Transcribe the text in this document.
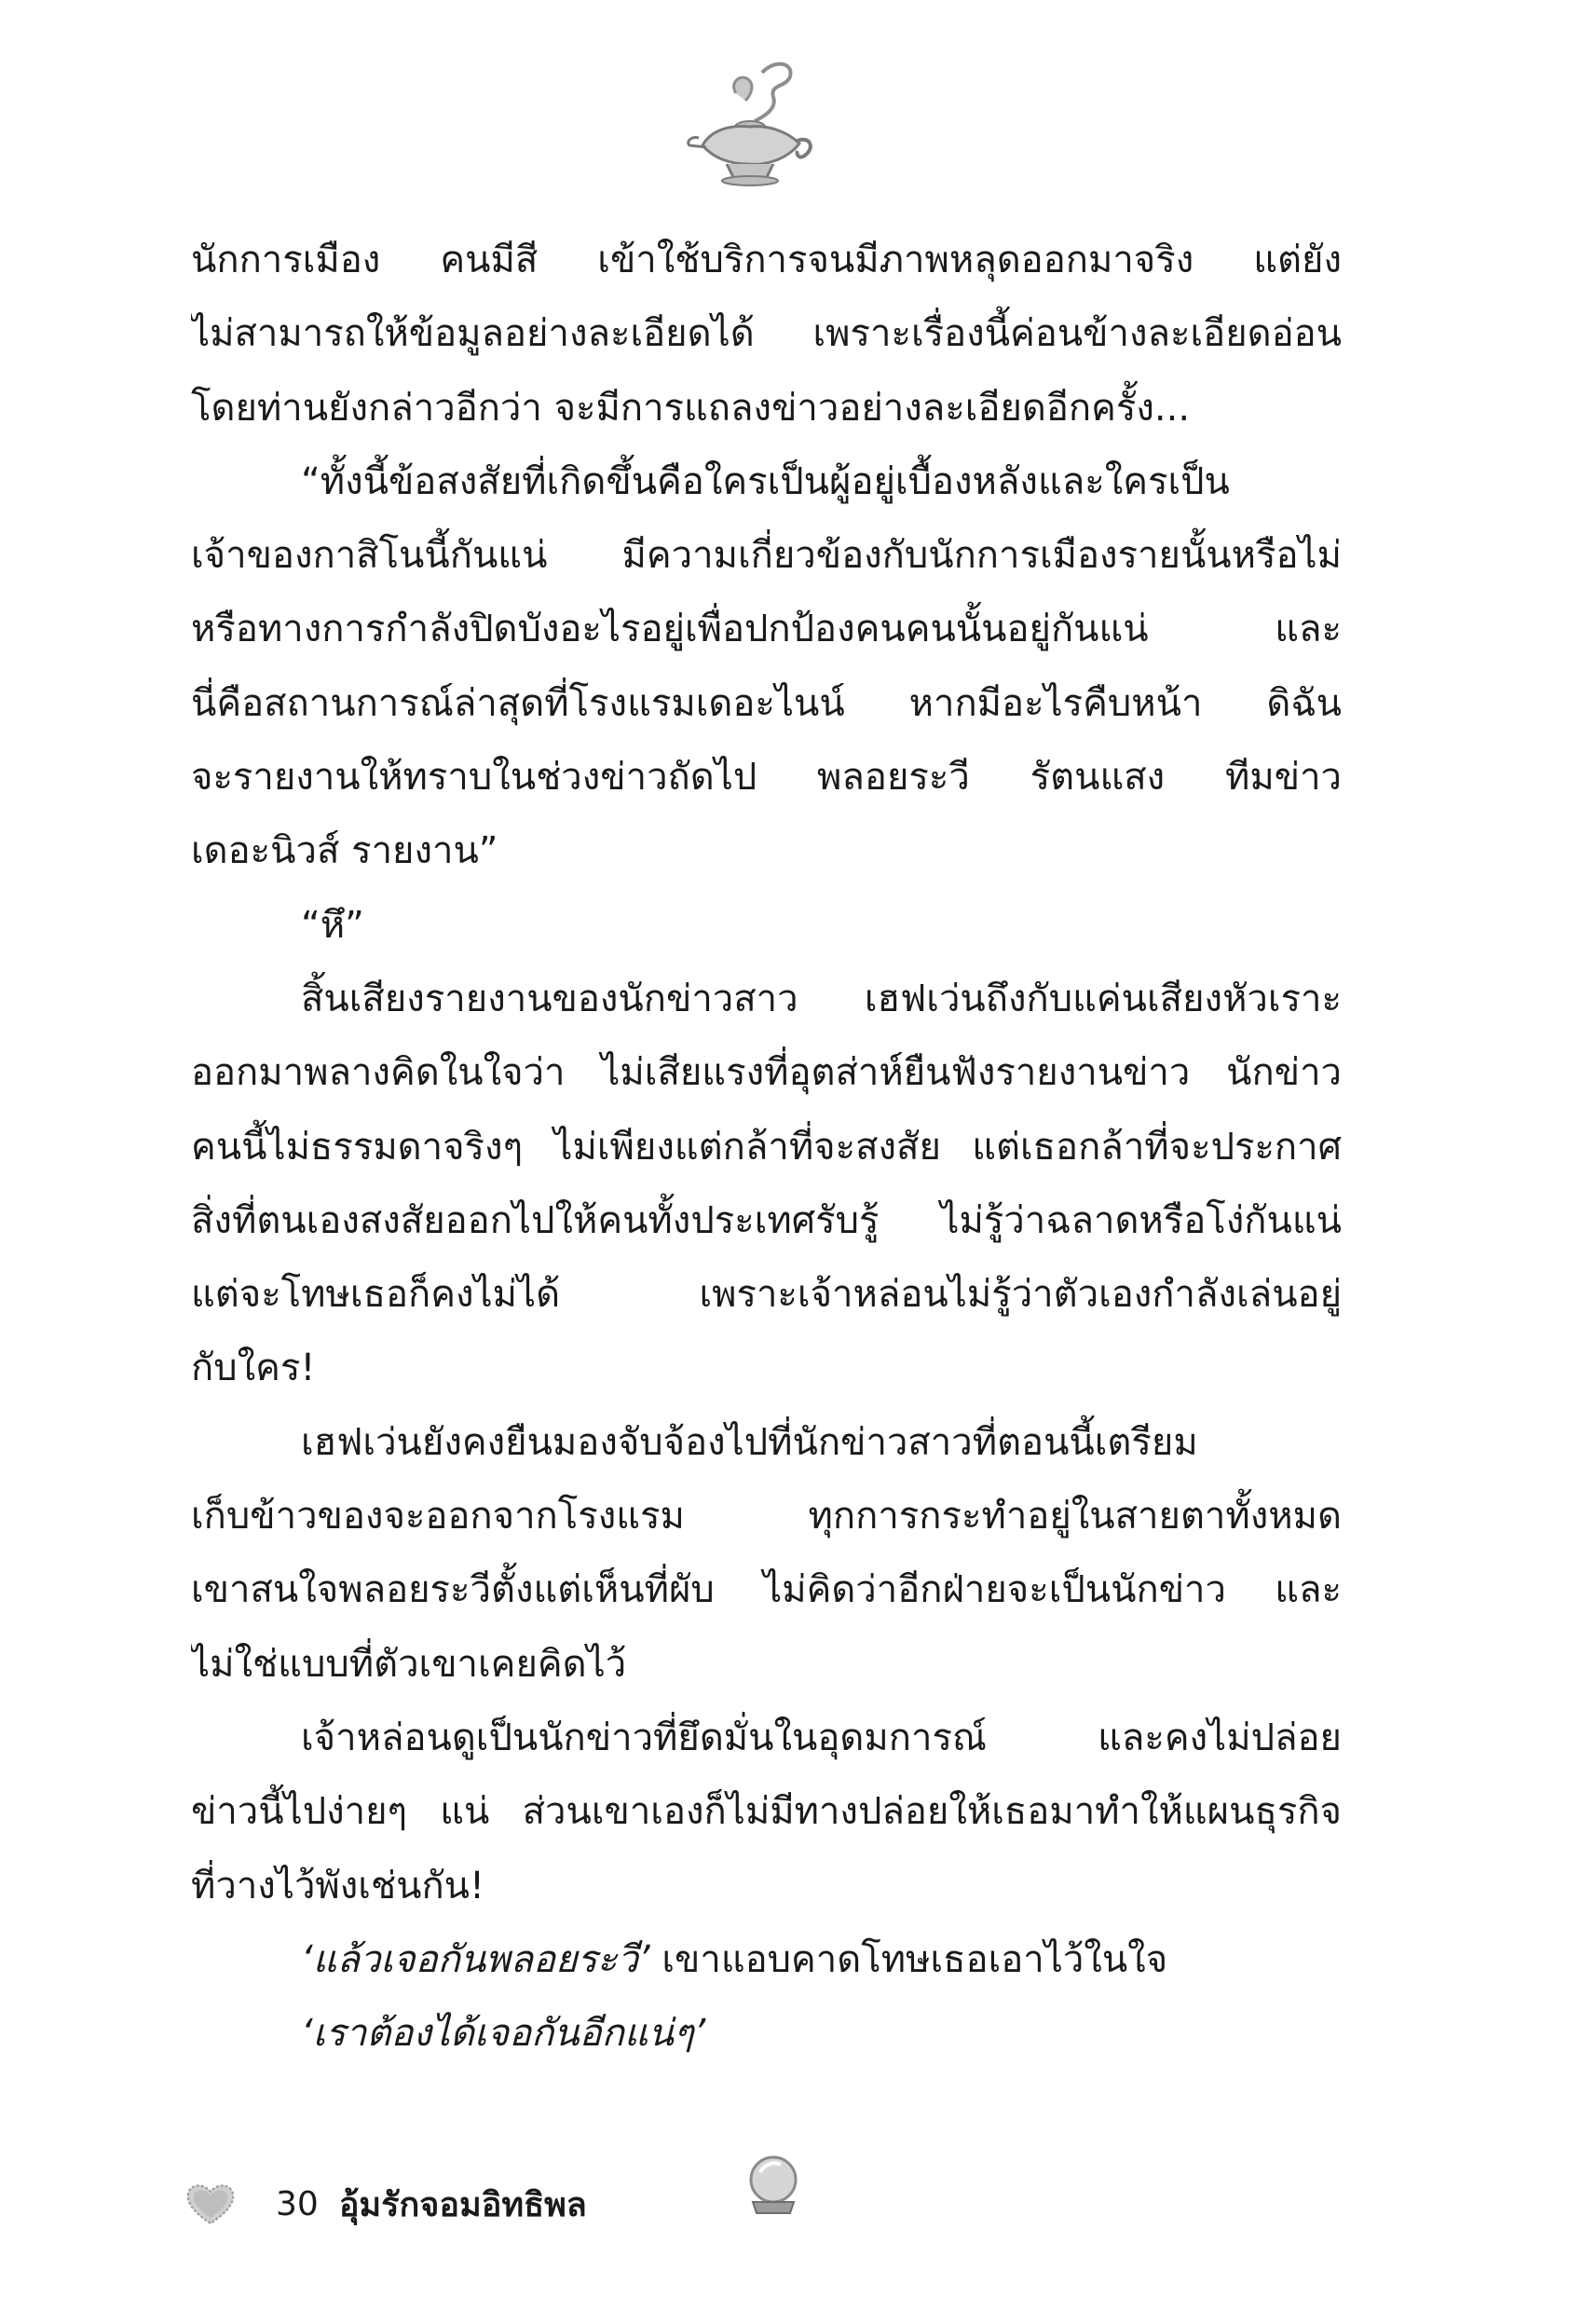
นักการเมือง คนมีสี เข้าใช้บริการจนมีภาพหลุดออกมาจริง แต่ยัง
ไม่สามารถให้ข้อมูลอย่างละเอียดได้ เพราะเรื่องนี้ค่อนข้างละเอียดอ่อน
โดยท่านยังกล่าวอีกว่า จะมีการแถลงข่าวอย่างละเอียดอีกครั้ง...
“ทั้งนี้ข้อสงสัยที่เกิดขึ้นคือใครเป็นผู้อยู่เบื้องหลังและใครเป็น
เจ้าของกาสิโนนี้กันแน่ มีความเกี่ยวข้องกับนักการเมืองรายนั้นหรือไม่
หรือทางการกำลังปิดบังอะไรอยู่เพื่อปกป้องคนคนนั้นอยู่กันแน่ และ
นี่คือสถานการณ์ล่าสุดที่โรงแรมเดอะไนน์ หากมีอะไรคืบหน้า ดิฉัน
จะรายงานให้ทราบในช่วงข่าวถัดไป พลอยระวี รัตนแสง ทีมข่าว
เดอะนิวส์ รายงาน”
“หึ”
สิ้นเสียงรายงานของนักข่าวสาว เฮฟเว่นถึงกับแค่นเสียงหัวเราะ
ออกมาพลางคิดในใจว่า ไม่เสียแรงที่อุตส่าห์ยืนฟังรายงานข่าว นักข่าว
คนนี้ไม่ธรรมดาจริงๆ ไม่เพียงแต่กล้าที่จะสงสัย แต่เธอกล้าที่จะประกาศ
สิ่งที่ตนเองสงสัยออกไปให้คนทั้งประเทศรับรู้ ไม่รู้ว่าฉลาดหรือโง่กันแน่
แต่จะโทษเธอก็คงไม่ได้ เพราะเจ้าหล่อนไม่รู้ว่าตัวเองกำลังเล่นอยู่
กับใคร!
เฮฟเว่นยังคงยืนมองจับจ้องไปที่นักข่าวสาวที่ตอนนี้เตรียม
เก็บข้าวของจะออกจากโรงแรม ทุกการกระทำอยู่ในสายตาทั้งหมด
เขาสนใจพลอยระวีตั้งแต่เห็นที่ผับ ไม่คิดว่าอีกฝ่ายจะเป็นนักข่าว และ
ไม่ใช่แบบที่ตัวเขาเคยคิดไว้
เจ้าหล่อนดูเป็นนักข่าวที่ยึดมั่นในอุดมการณ์ และคงไม่ปล่อย
ข่าวนี้ไปง่ายๆ แน่ ส่วนเขาเองก็ไม่มีทางปล่อยให้เธอมาทำให้แผนธุรกิจ
ที่วางไว้พังเช่นกัน!
‘แล้วเจอกันพลอยระวี’ เขาแอบคาดโทษเธอเอาไว้ในใจ
‘เราต้องได้เจอกันอีกแน่ๆ’
30 อุ้มรักจอมอิทธิพล
